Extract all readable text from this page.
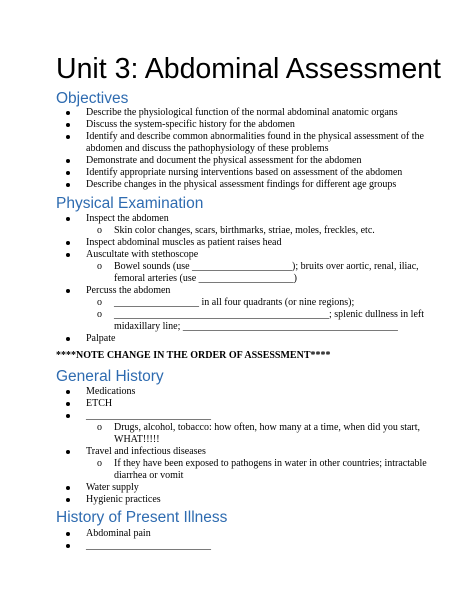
Unit 3: Abdominal Assessment
Objectives
Describe the physiological function of the normal abdominal anatomic organs
Discuss the system-specific history for the abdomen
Identify and describe common abnormalities found in the physical assessment of the
abdomen and discuss the pathophysiology of these problems
Demonstrate and document the physical assessment for the abdomen
Identify appropriate nursing interventions based on assessment of the abdomen
Describe changes in the physical assessment findings for different age groups
Physical Examination
Inspect the abdomen
o Skin color changes, scars, birthmarks, striae, moles, freckles, etc.
Inspect abdominal muscles as patient raises head
Auscultate with stethoscope
o Bowel sounds (use ____________________); bruits over aortic, renal, iliac,
femoral arteries (use ___________________)
Percuss the abdomen
o _________________ in all four quadrants (or nine regions);
o ___________________________________________; splenic dullness in left
midaxillary line; ___________________________________________
Palpate
****NOTE CHANGE IN THE ORDER OF ASSESSMENT****
General History
Medications
ETCH
_________________________
o Drugs, alcohol, tobacco: how often, how many at a time, when did you start,
WHAT!!!!!
Travel and infectious diseases
o If they have been exposed to pathogens in water in other countries; intractable
diarrhea or vomit
Water supply
Hygienic practices
History of Present Illness
Abdominal pain
_________________________
